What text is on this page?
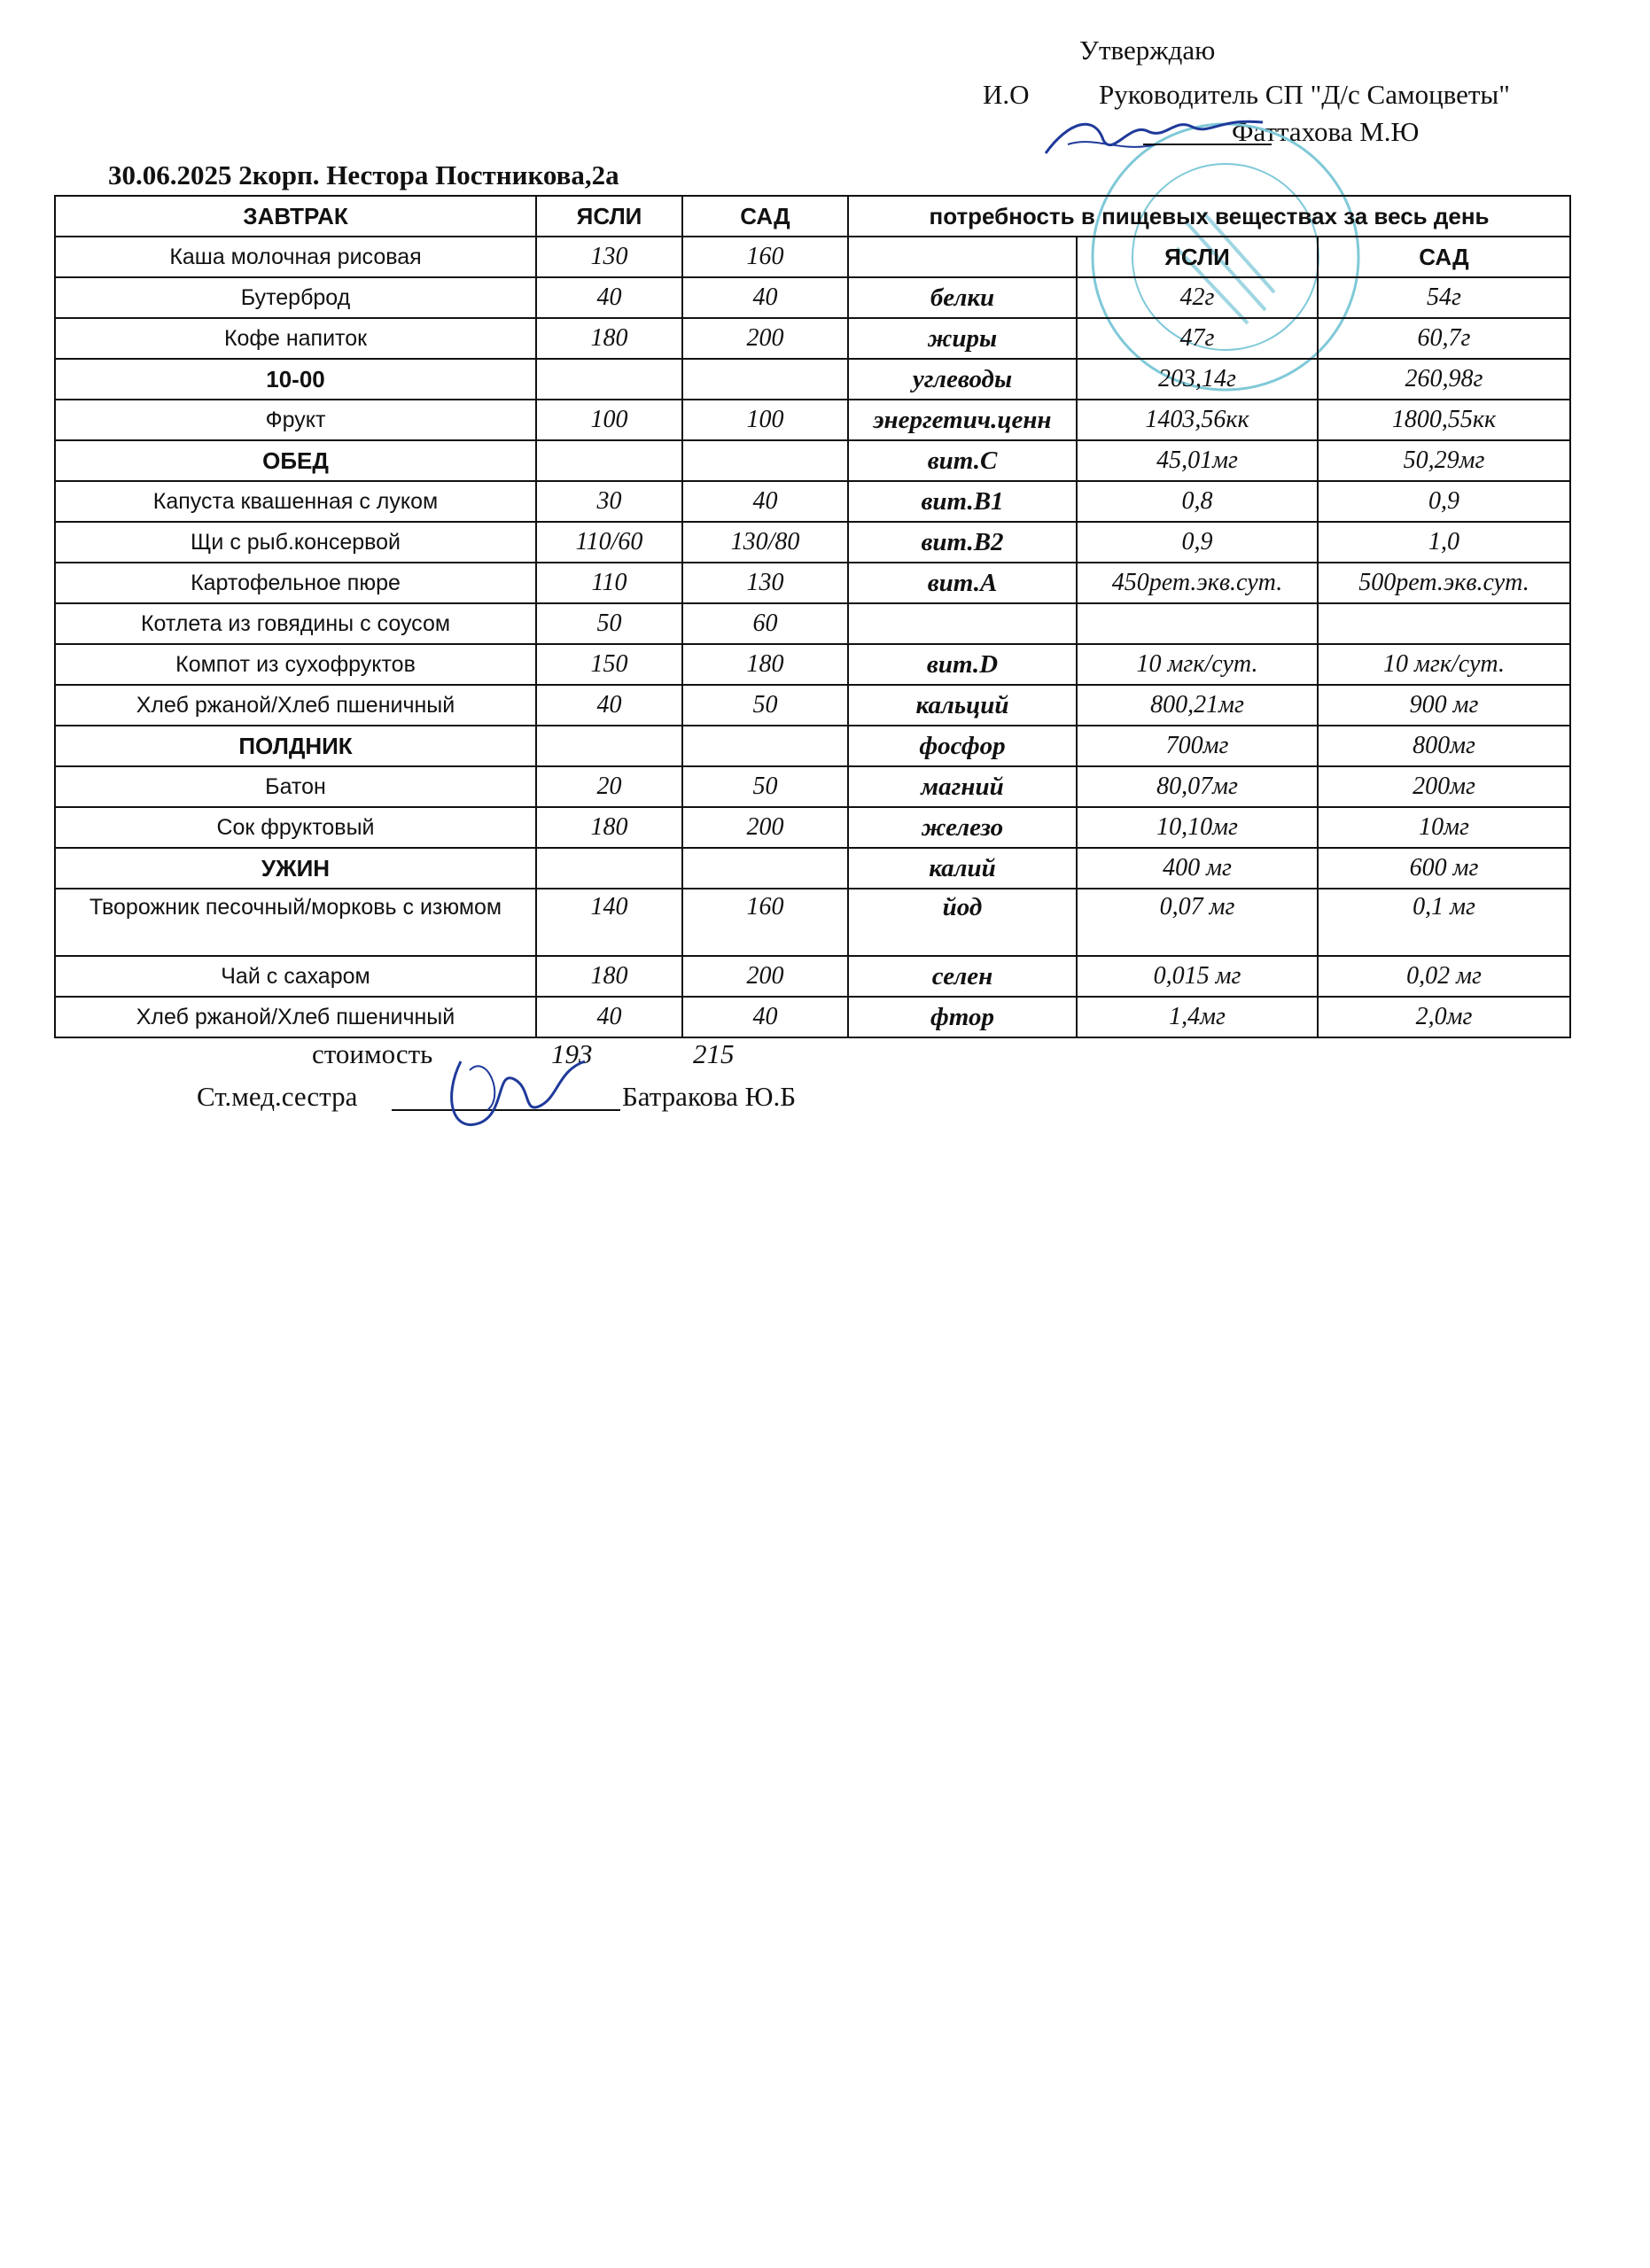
Утверждаю
И.О	Руководитель СП "Д/с Самоцветы"
Фаттахова М.Ю
30.06.2025 2корп. Нестора Постникова,2а
ЗАВТРАК	ЯСЛИ	САД	потребность в пищевых веществах за весь день		
Каша молочная рисовая	130	160		ЯСЛИ	САД
Бутерброд	40	40	белки	42г	54г
Кофе напиток	180	200	жиры	47г	60,7г
10-00			углеводы	203,14г	260,98г
Фрукт	100	100	энергетич.ценн	1403,56кк	1800,55кк
ОБЕД			вит.С	45,01мг	50,29мг
Капуста квашенная с луком	30	40	вит.В1	0,8	0,9
Щи с рыб.консервой	110/60	130/80	вит.В2	0,9	1,0
Картофельное пюре	110	130	вит.А	450рет.экв.сут.	500рет.экв.сут.
Котлета из говядины с соусом	50	60			
Компот из сухофруктов	150	180	вит.D	10 мгк/сут.	10 мгк/сут.
Хлеб ржаной/Хлеб пшеничный	40	50	кальций	800,21мг	900 мг
ПОЛДНИК			фосфор	700мг	800мг
Батон	20	50	магний	80,07мг	200мг
Сок фруктовый	180	200	железо	10,10мг	10мг
УЖИН			калий	400 мг	600 мг
Творожник песочный/морковь с изюмом	140	160	йод	0,07 мг	0,1 мг
Чай с сахаром	180	200	селен	0,015 мг	0,02 мг
Хлеб ржаной/Хлеб пшеничный	40	40	фтор	1,4мг	2,0мг
стоимость	193	215
Ст.мед.сестра	Батракова Ю.Б
